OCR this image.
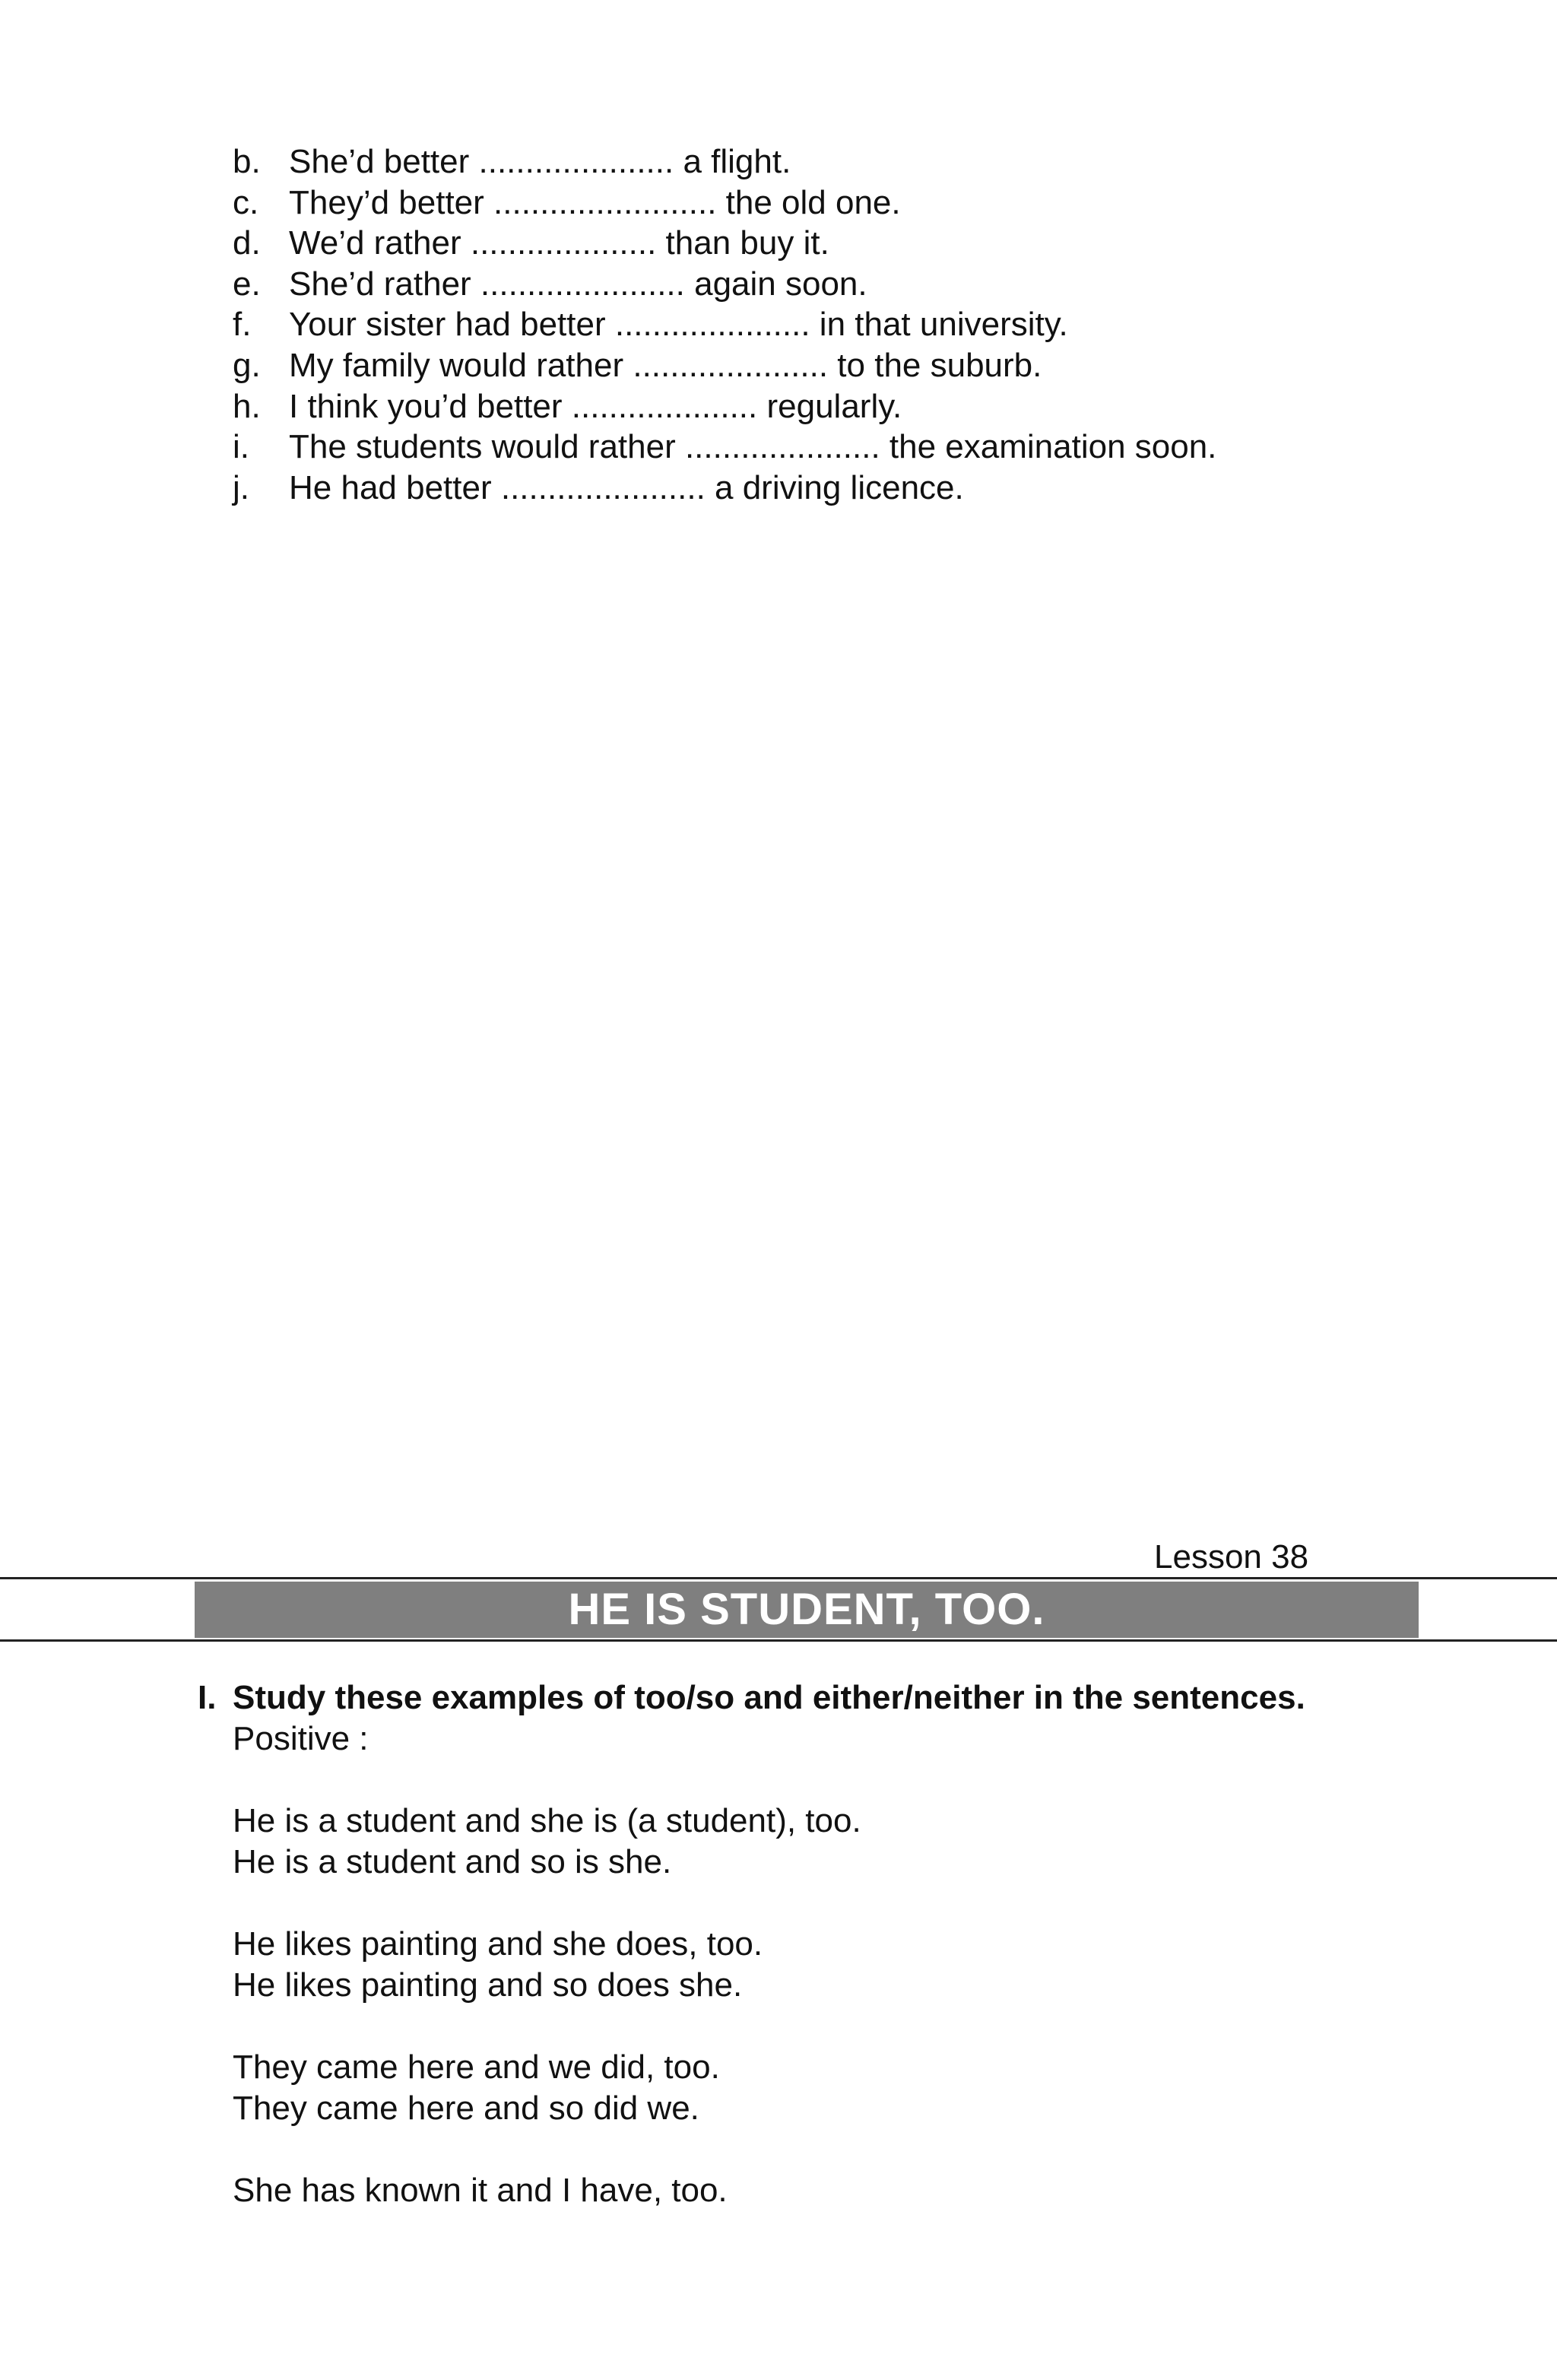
b. She’d better ..................... a flight.
c. They’d better ........................ the old one.
d. We’d rather .................... than buy it.
e. She’d rather ...................... again soon.
f.	Your sister had better ..................... in that university.
g. My family would rather ..................... to the suburb.
h. I think you’d better .................... regularly.
i.	The students would rather ..................... the examination soon.
j.	He had better ...................... a driving licence.
Lesson 38
HE IS STUDENT, TOO.
I. Study these examples of too/so and either/neither in the sentences.
Positive :
He is a student and she is (a student), too.
He is a student and so is she.
He likes painting and she does, too.
He likes painting and so does she.
They came here and we did, too.
They came here and so did we.
She has known it and I have, too.
